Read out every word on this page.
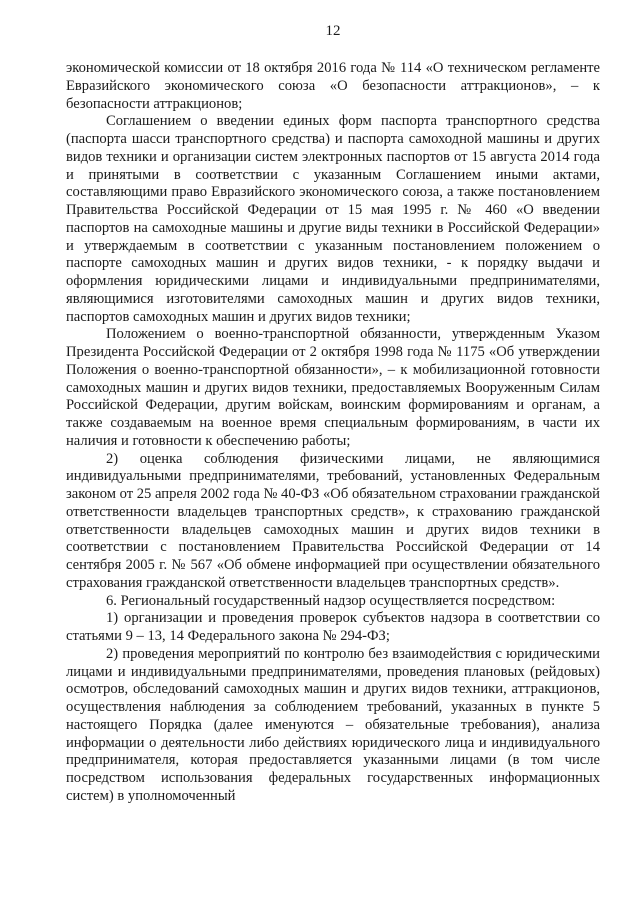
12

экономической комиссии от 18 октября 2016 года № 114 «О техническом регламенте Евразийского экономического союза «О безопасности аттракционов», – к безопасности аттракционов;

Соглашением о введении единых форм паспорта транспортного средства (паспорта шасси транспортного средства) и паспорта самоходной машины и других видов техники и организации систем электронных паспортов от 15 августа 2014 года и принятыми в соответствии с указанным Соглашением иными актами, составляющими право Евразийского экономического союза, а также постановлением Правительства Российской Федерации от 15 мая 1995 г. № 460 «О введении паспортов на самоходные машины и другие виды техники в Российской Федерации» и утверждаемым в соответствии с указанным постановлением положением о паспорте самоходных машин и других видов техники, - к порядку выдачи и оформления юридическими лицами и индивидуальными предпринимателями, являющимися изготовителями самоходных машин и других видов техники, паспортов самоходных машин и других видов техники;

Положением о военно-транспортной обязанности, утвержденным Указом Президента Российской Федерации от 2 октября 1998 года № 1175 «Об утверждении Положения о военно-транспортной обязанности», – к мобилизационной готовности самоходных машин и других видов техники, предоставляемых Вооруженным Силам Российской Федерации, другим войскам, воинским формированиям и органам, а также создаваемым на военное время специальным формированиям, в части их наличия и готовности к обеспечению работы;

2) оценка соблюдения физическими лицами, не являющимися индивидуальными предпринимателями, требований, установленных Федеральным законом от 25 апреля 2002 года № 40-ФЗ «Об обязательном страховании гражданской ответственности владельцев транспортных средств», к страхованию гражданской ответственности владельцев самоходных машин и других видов техники в соответствии с постановлением Правительства Российской Федерации от 14 сентября 2005 г. № 567 «Об обмене информацией при осуществлении обязательного страхования гражданской ответственности владельцев транспортных средств».

6. Региональный государственный надзор осуществляется посредством:

1) организации и проведения проверок субъектов надзора в соответствии со статьями 9 – 13, 14 Федерального закона № 294-ФЗ;

2) проведения мероприятий по контролю без взаимодействия с юридическими лицами и индивидуальными предпринимателями, проведения плановых (рейдовых) осмотров, обследований самоходных машин и других видов техники, аттракционов, осуществления наблюдения за соблюдением требований, указанных в пункте 5 настоящего Порядка (далее именуются – обязательные требования), анализа информации о деятельности либо действиях юридического лица и индивидуального предпринимателя, которая предоставляется указанными лицами (в том числе посредством использования федеральных государственных информационных систем) в уполномоченный
